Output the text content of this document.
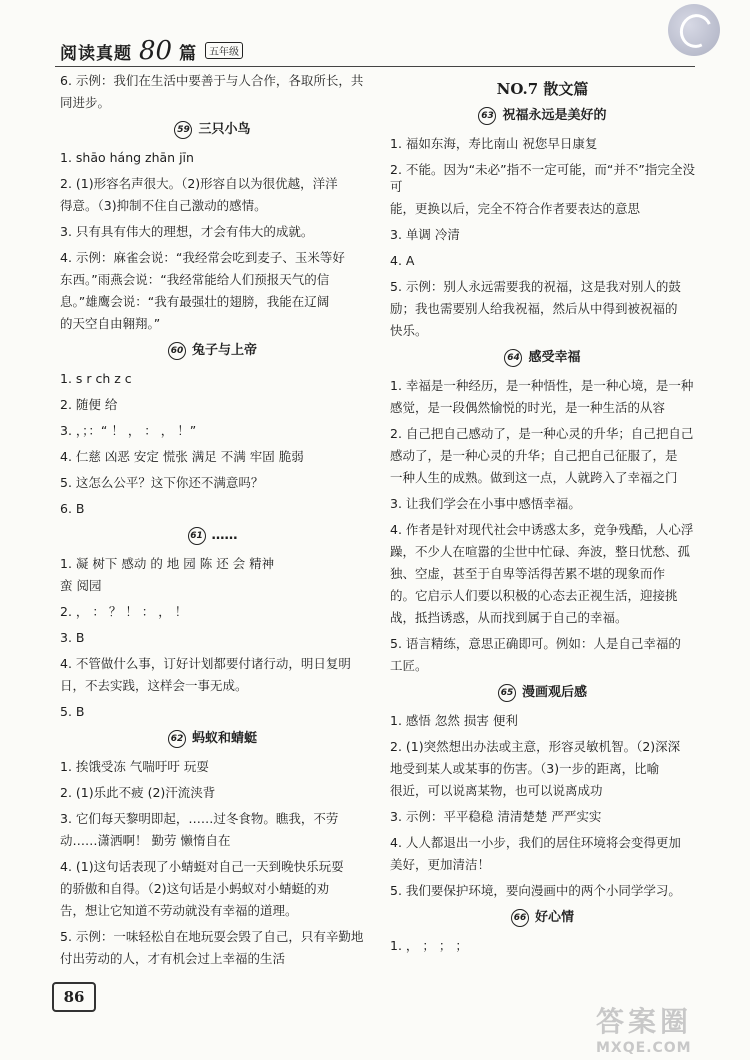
阅读真题 80 篇 五年级
6. 示例：我们在生活中要善于与人合作，各取所长，共
同进步。
59 三只小鸟
1. shāo háng zhān jīn
2. (1)形容名声很大。（2)形容自以为很优越，洋洋
得意。（3)抑制不住自己激动的感情。
3. 只有具有伟大的理想，才会有伟大的成就。
4. 示例：麻雀会说：“我经常会吃到麦子、玉米等好
东西。”雨燕会说：“我经常能给人们预报天气的信
息。”雄鹰会说：“我有最强壮的翅膀，我能在辽阔
的天空自由翱翔。”
60 兔子与上帝
1. s r ch z c
2. 随便 给
3. ，；：“ ！ ， ： ， ！”
4. 仁慈 凶恶 安定 慌张 满足 不满 牢固 脆弱
5. 这怎么公平？这下你还不满意吗？
6. B
61 ……
1. 凝 树下 感动 的 地 园 陈 还 会 精神
蛮 阅园
2. ， ： ？ ！ ： ， ！
3. B
4. 不管做什么事，订好计划都要付诸行动，明日复明
日，不去实践，这样会一事无成。
5. B
62 蚂蚁和蜻蜓
1. 挨饿受冻 气喘吁吁 玩耍
2. (1)乐此不疲 (2)汗流浃背
3. 它们每天黎明即起，……过冬食物。瞧我，不劳
动……潇洒啊！ 勤劳 懒惰自在
4. (1)这句话表现了小蜻蜓对自己一天到晚快乐玩耍
的骄傲和自得。（2)这句话是小蚂蚁对小蜻蜓的劝
告，想让它知道不劳动就没有幸福的道理。
5. 示例：一味轻松自在地玩耍会毁了自己，只有辛勤地
付出劳动的人，才有机会过上幸福的生活
NO.7 散文篇
63 祝福永远是美好的
1. 福如东海，寿比南山 祝您早日康复
2. 不能。因为“未必”指不一定可能，而“并不”指完全没可
能，更换以后，完全不符合作者要表达的意思
3. 单调 冷清
4. A
5. 示例：别人永远需要我的祝福，这是我对别人的鼓
励；我也需要别人给我祝福，然后从中得到被祝福的
快乐。
64 感受幸福
1. 幸福是一种经历，是一种悟性，是一种心境，是一种
感觉，是一段偶然愉悦的时光，是一种生活的从容
2. 自己把自己感动了，是一种心灵的升华；自己把自己
感动了，是一种心灵的升华；自己把自己征服了，是
一种人生的成熟。做到这一点，人就跨入了幸福之门
3. 让我们学会在小事中感悟幸福。
4. 作者是针对现代社会中诱惑太多，竞争残酷，人心浮
躁，不少人在喧嚣的尘世中忙碌、奔波，整日忧愁、孤
独、空虚，甚至于自卑等活得苦累不堪的现象而作
的。它启示人们要以积极的心态去正视生活，迎接挑
战，抵挡诱惑，从而找到属于自己的幸福。
5. 语言精练，意思正确即可。例如：人是自己幸福的
工匠。
65 漫画观后感
1. 感悟 忽然 损害 便利
2. (1)突然想出办法或主意，形容灵敏机智。（2)深深
地受到某人或某事的伤害。（3)一步的距离，比喻
很近，可以说离某物，也可以说离成功
3. 示例：平平稳稳 清清楚楚 严严实实
4. 人人都退出一小步，我们的居住环境将会变得更加
美好，更加清洁！
5. 我们要保护环境，要向漫画中的两个小同学学习。
66 好心情
1. ， ； ； ；
86
答案圈
MXQE.COM
